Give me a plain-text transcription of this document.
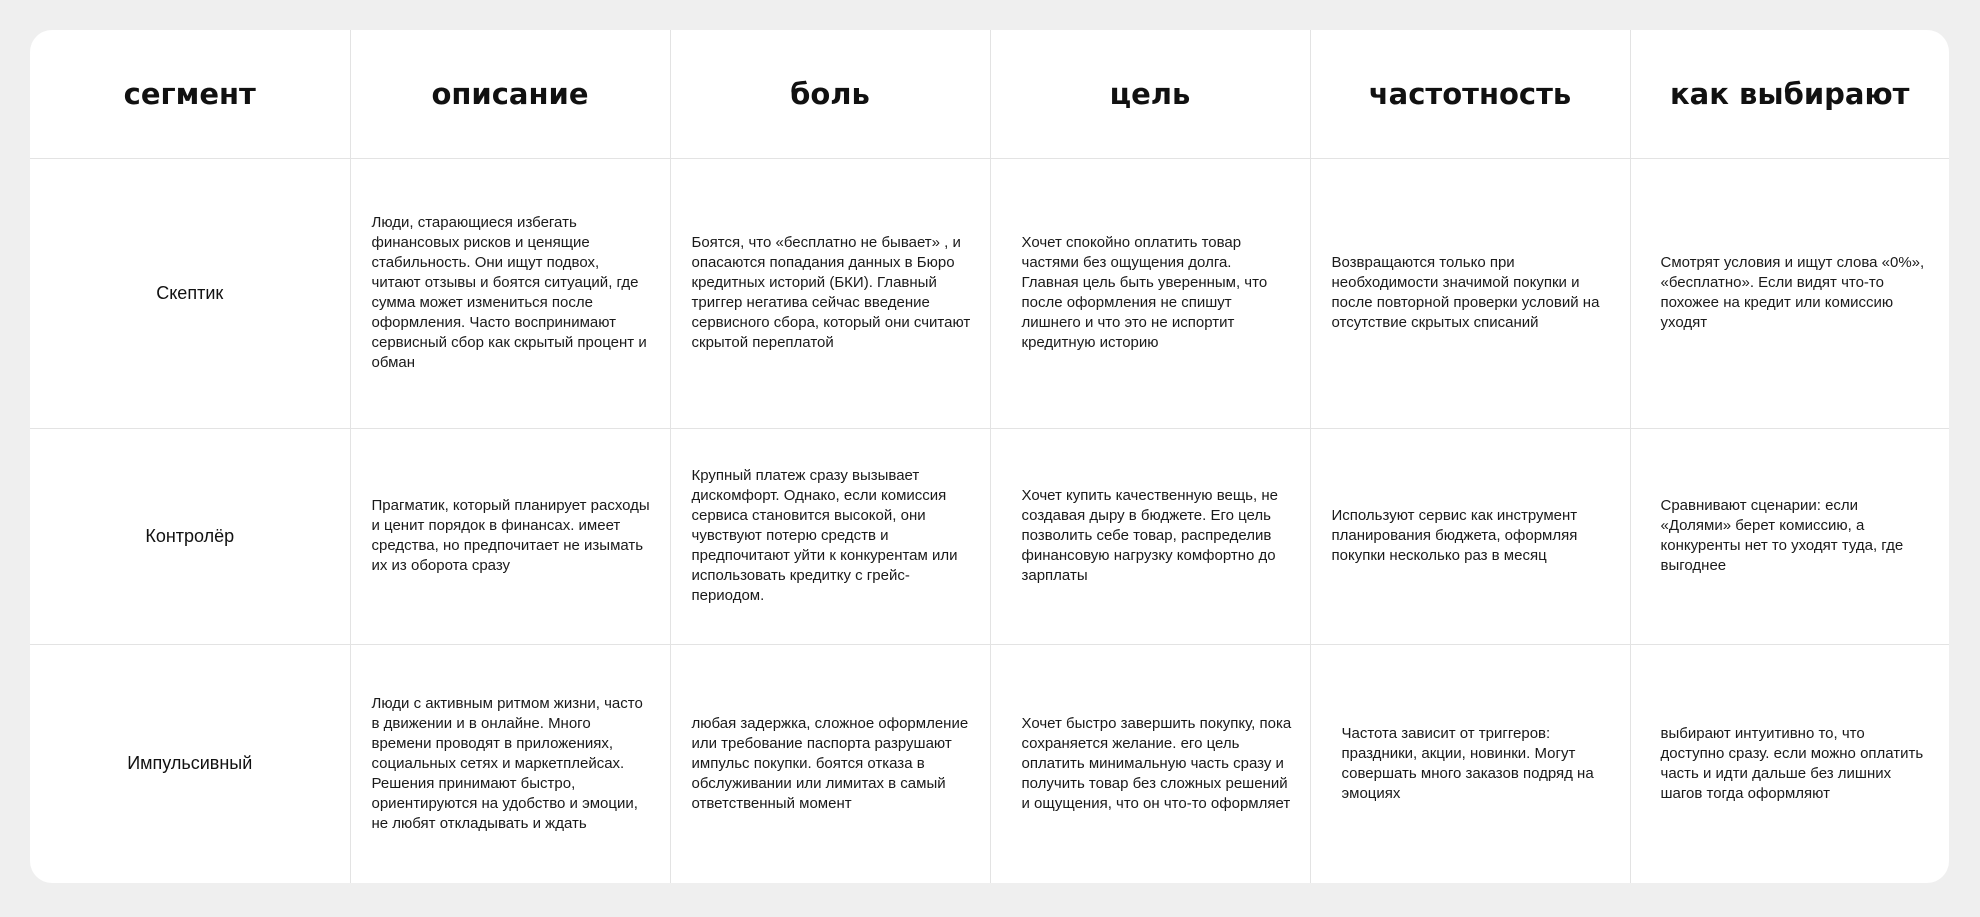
сегмент	описание	боль	цель	частотность	как выбирают
Скептик	Люди, старающиеся избегать финансовых рисков и ценящие стабильность. Они ищут подвох, читают отзывы и боятся ситуаций, где сумма может измениться после оформления. Часто воспринимают сервисный сбор как скрытый процент и обман	Боятся, что «бесплатно не бывает» , и опасаются попадания данных в Бюро кредитных историй (БКИ). Главный триггер негатива сейчас введение сервисного сбора, который они считают скрытой переплатой	Хочет спокойно оплатить товар частями без ощущения долга. Главная цель быть уверенным, что после оформления не спишут лишнего и что это не испортит кредитную историю	Возвращаются только при необходимости значимой покупки и после повторной проверки условий на отсутствие скрытых списаний	Смотрят условия и ищут слова «0%», «бесплатно». Если видят что-то похожее на кредит или комиссию уходят

Контролёр	Прагматик, который планирует расходы и ценит порядок в финансах. имеет средства, но предпочитает не изымать их из оборота сразу	Крупный платеж сразу вызывает дискомфорт. Однако, если комиссия сервиса становится высокой, они чувствуют потерю средств и предпочитают уйти к конкурентам или использовать кредитку с грейс-периодом.	Хочет купить качественную вещь, не создавая дыру в бюджете. Его цель позволить себе товар, распределив финансовую нагрузку комфортно до зарплаты	Используют сервис как инструмент планирования бюджета, оформляя покупки несколько раз в месяц	Сравнивают сценарии: если «Долями» берет комиссию, а конкуренты нет то уходят туда, где выгоднее

Импульсивный	Люди с активным ритмом жизни, часто в движении и в онлайне. Много времени проводят в приложениях, социальных сетях и маркетплейсах. Решения принимают быстро, ориентируются на удобство и эмоции, не любят откладывать и ждать	любая задержка, сложное оформление или требование паспорта разрушают импульс покупки. боятся отказа в обслуживании или лимитах в самый ответственный момент	Хочет быстро завершить покупку, пока сохраняется желание. его цель оплатить минимальную часть сразу и получить товар без сложных решений и ощущения, что он что-то оформляет	Частота зависит от триггеров: праздники, акции, новинки. Могут совершать много заказов подряд на эмоциях	выбирают интуитивно то, что доступно сразу. если можно оплатить часть и идти дальше без лишних шагов тогда оформляют
